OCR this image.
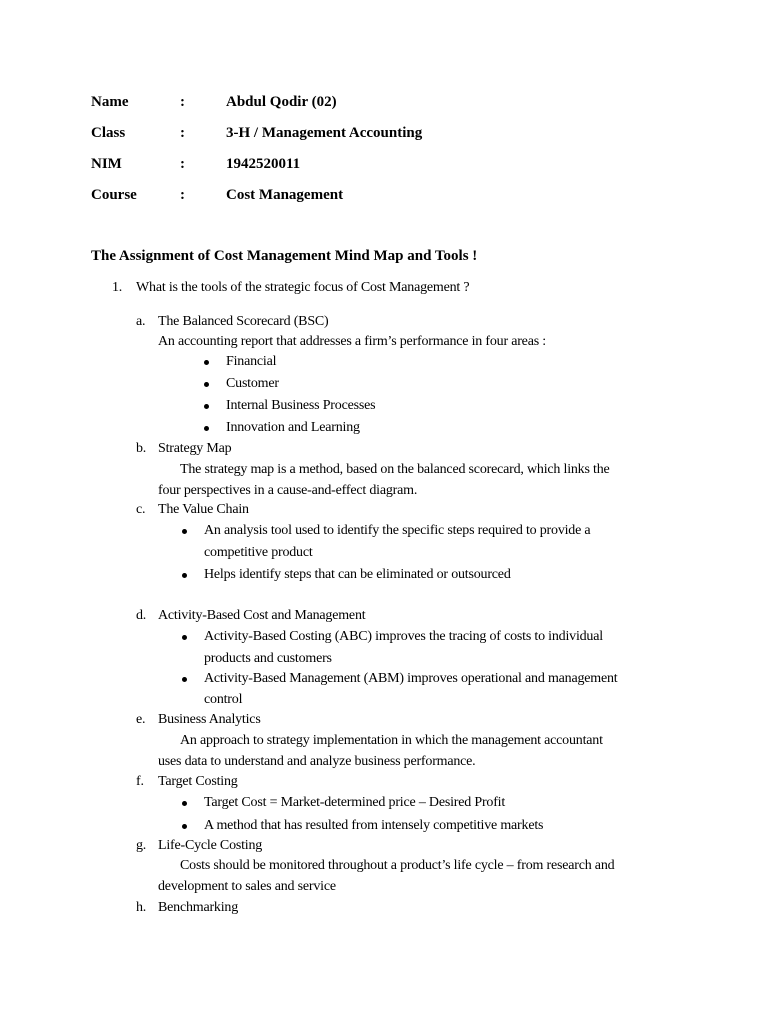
Name	:	Abdul Qodir (02)
Class	:	3-H / Management Accounting
NIM	:	1942520011
Course	:	Cost Management
The Assignment of Cost Management Mind Map and Tools !
1. What is the tools of the strategic focus of Cost Management ?
a. The Balanced Scorecard (BSC)
An accounting report that addresses a firm’s performance in four areas :
Financial
Customer
Internal Business Processes
Innovation and Learning
b. Strategy Map
The strategy map is a method, based on the balanced scorecard, which links the
four perspectives in a cause-and-effect diagram.
c. The Value Chain
An analysis tool used to identify the specific steps required to provide a
competitive product
Helps identify steps that can be eliminated or outsourced
d. Activity-Based Cost and Management
Activity-Based Costing (ABC) improves the tracing of costs to individual
products and customers
Activity-Based Management (ABM) improves operational and management
control
e. Business Analytics
An approach to strategy implementation in which the management accountant
uses data to understand and analyze business performance.
f. Target Costing
Target Cost = Market-determined price – Desired Profit
A method that has resulted from intensely competitive markets
g. Life-Cycle Costing
Costs should be monitored throughout a product’s life cycle – from research and
development to sales and service
h. Benchmarking
